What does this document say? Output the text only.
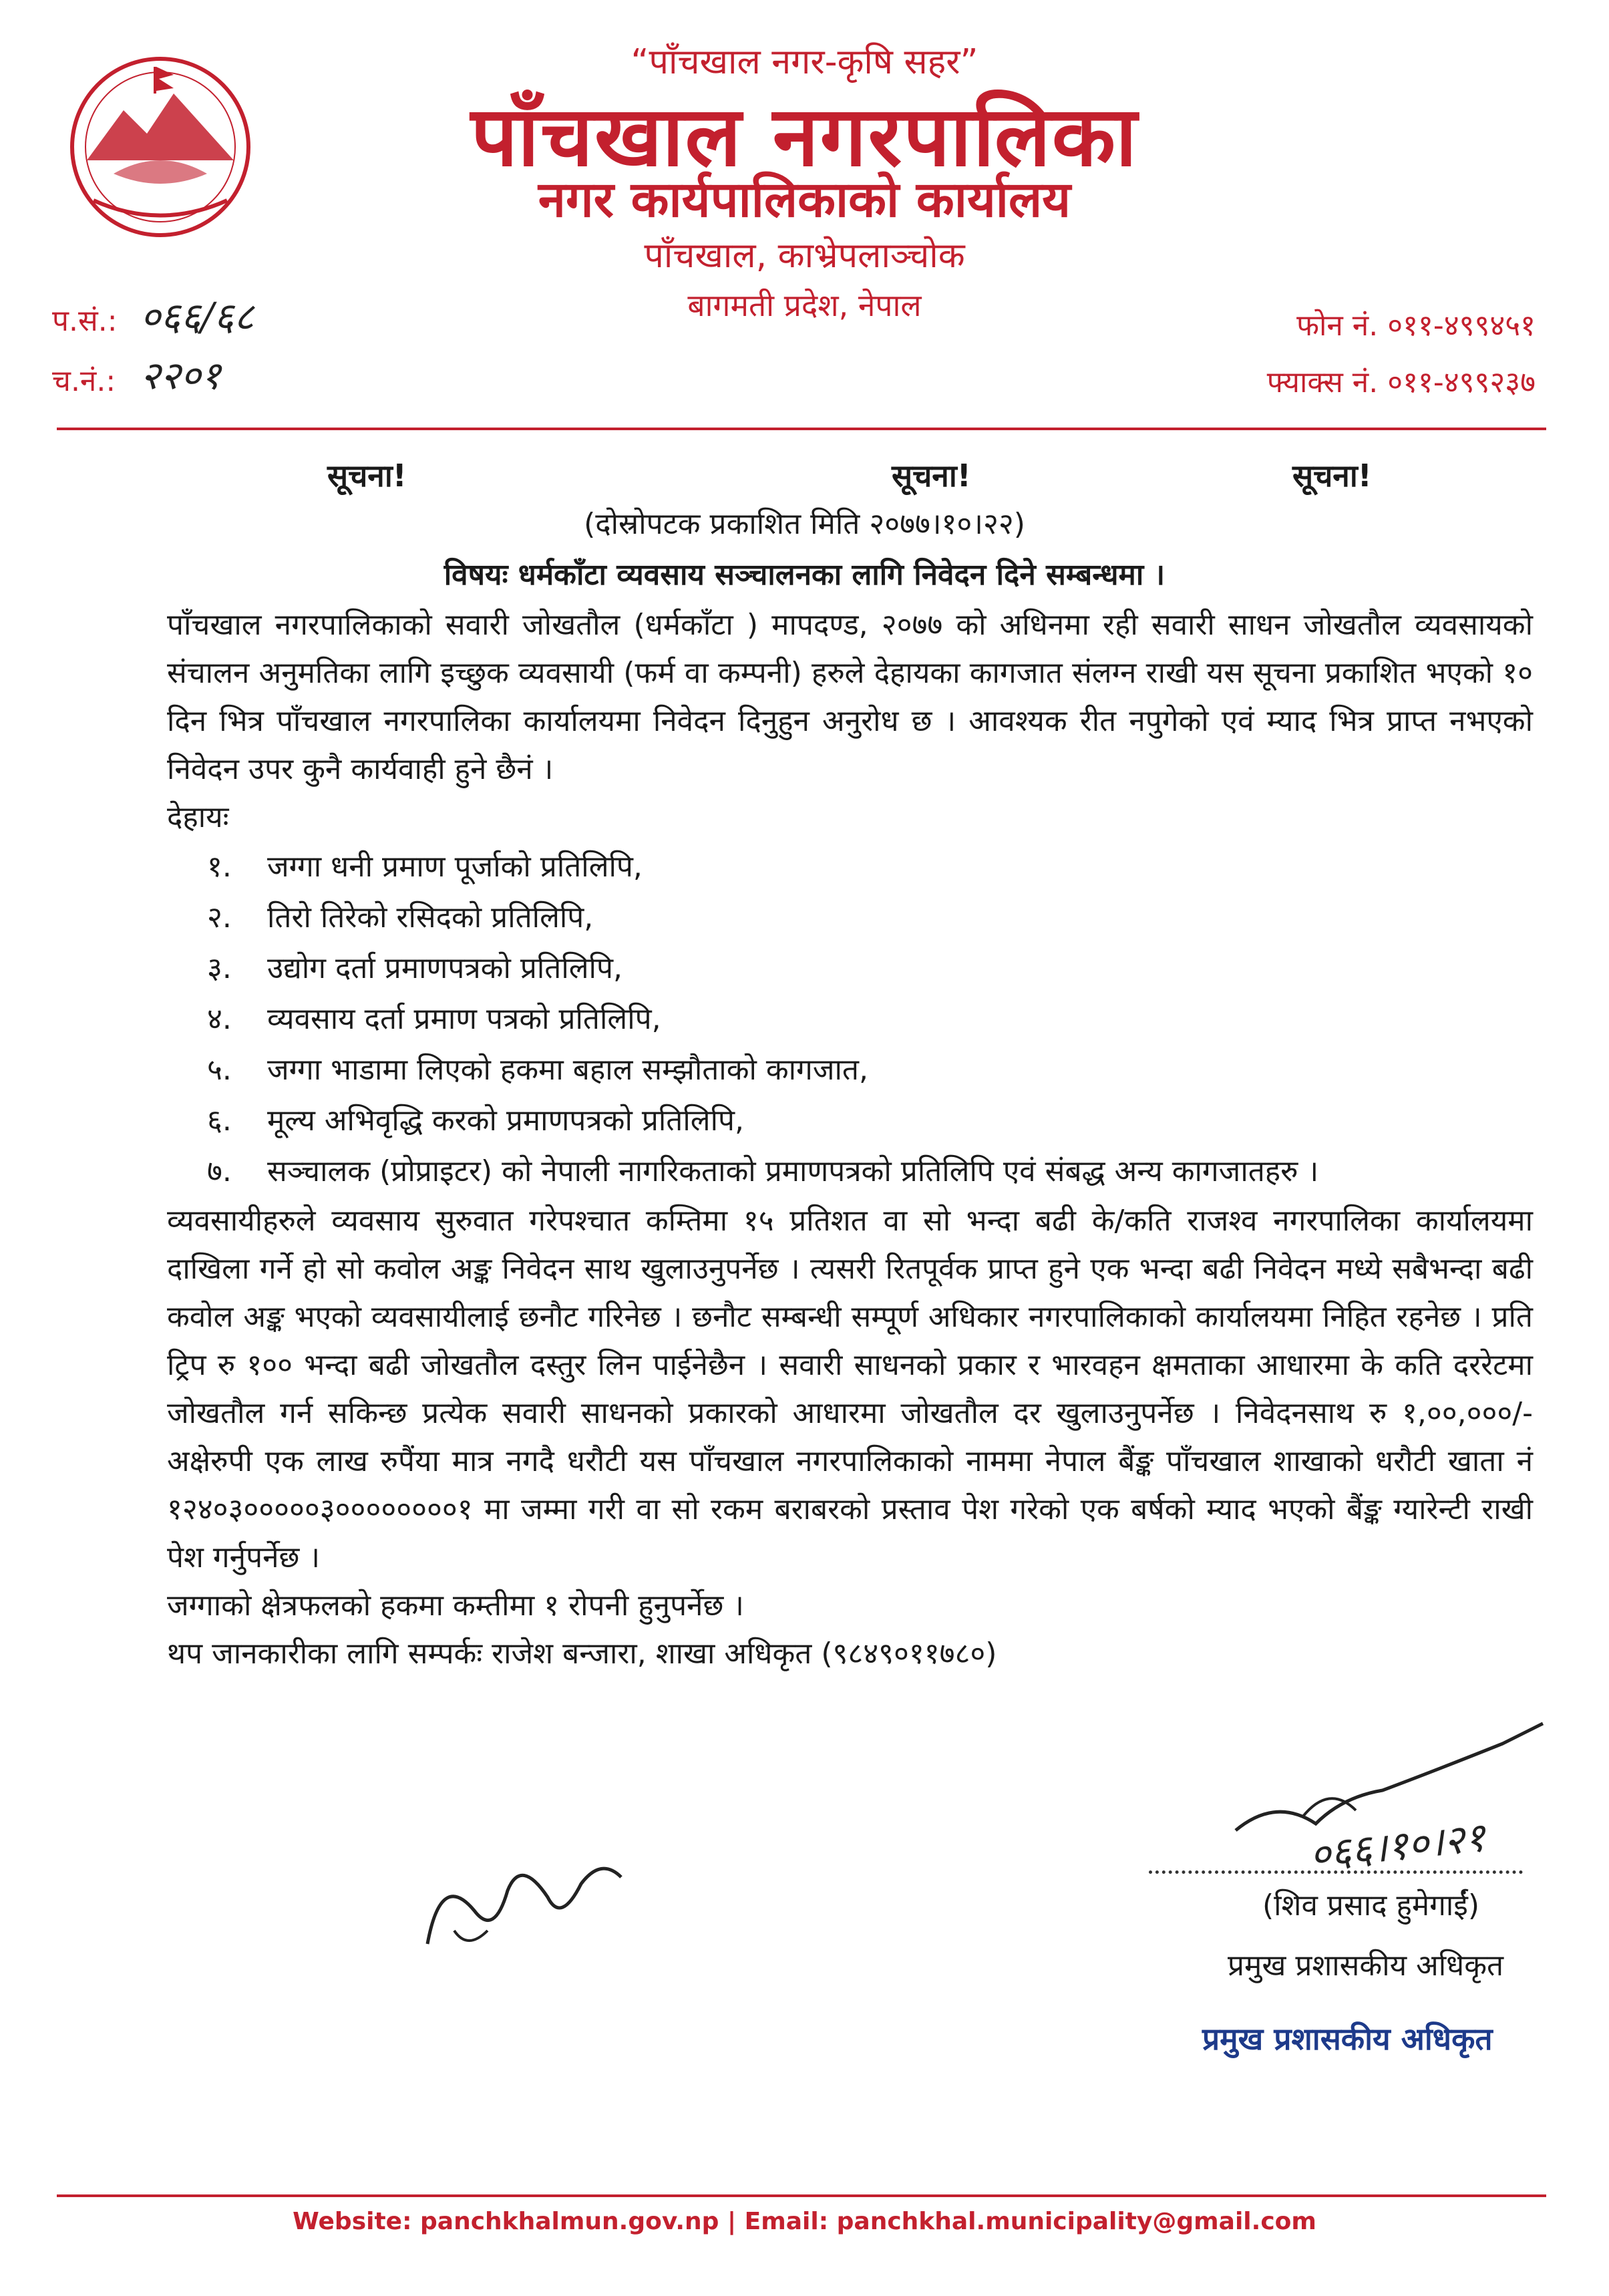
“पाँचखाल नगर-कृषि सहर”
पाँचखाल नगरपालिका
नगर कार्यपालिकाको कार्यालय
पाँचखाल, काभ्रेपलाञ्चोक
बागमती प्रदेश, नेपाल
प.सं.: ०६६/६८
च.नं.: २२०१
फोन नं. ०११-४९९४५१
फ्याक्स नं. ०११-४९९२३७
सूचना!	सूचना!	सूचना!
(दोस्रोपटक प्रकाशित मिति २०७७।१०।२२)
विषयः धर्मकाँटा व्यवसाय सञ्चालनका लागि निवेदन दिने सम्बन्धमा ।

पाँचखाल नगरपालिकाको सवारी जोखतौल (धर्मकाँटा ) मापदण्ड, २०७७ को अधिनमा रही सवारी साधन जोखतौल व्यवसायको संचालन अनुमतिका लागि इच्छुक व्यवसायी (फर्म वा कम्पनी) हरुले देहायका कागजात संलग्न राखी यस सूचना प्रकाशित भएको १० दिन भित्र पाँचखाल नगरपालिका कार्यालयमा निवेदन दिनुहुन अनुरोध छ । आवश्यक रीत नपुगेको एवं म्याद भित्र प्राप्त नभएको निवेदन उपर कुनै कार्यवाही हुने छैनं ।

देहायः

१. जग्गा धनी प्रमाण पूर्जाको प्रतिलिपि,
२. तिरो तिरेको रसिदको प्रतिलिपि,
३. उद्योग दर्ता प्रमाणपत्रको प्रतिलिपि,
४. व्यवसाय दर्ता प्रमाण पत्रको प्रतिलिपि,
५. जग्गा भाडामा लिएको हकमा बहाल सम्झौताको कागजात,
६. मूल्य अभिवृद्धि करको प्रमाणपत्रको प्रतिलिपि,
७. सञ्चालक (प्रोप्राइटर) को नेपाली नागरिकताको प्रमाणपत्रको प्रतिलिपि एवं संबद्ध अन्य कागजातहरु ।

व्यवसायीहरुले व्यवसाय सुरुवात गरेपश्चात कम्तिमा १५ प्रतिशत वा सो भन्दा बढी के/कति राजश्व नगरपालिका कार्यालयमा दाखिला गर्ने हो सो कवोल अङ्क निवेदन साथ खुलाउनुपर्नेछ । त्यसरी रितपूर्वक प्राप्त हुने एक भन्दा बढी निवेदन मध्ये सबैभन्दा बढी कवोल अङ्क भएको व्यवसायीलाई छनौट गरिनेछ । छनौट सम्बन्धी सम्पूर्ण अधिकार नगरपालिकाको कार्यालयमा निहित रहनेछ । प्रति ट्रिप रु १०० भन्दा बढी जोखतौल दस्तुर लिन पाईनेछैन । सवारी साधनको प्रकार र भारवहन क्षमताका आधारमा के कति दररेटमा जोखतौल गर्न सकिन्छ प्रत्येक सवारी साधनको प्रकारको आधारमा जोखतौल दर खुलाउनुपर्नेछ । निवेदनसाथ रु १,००,०००/- अक्षेरुपी एक लाख रुपैंया मात्र नगदै धरौटी यस पाँचखाल नगरपालिकाको नाममा नेपाल बैंङ्क पाँचखाल शाखाको धरौटी खाता नं १२४०३०००००३००००००००१ मा जम्मा गरी वा सो रकम बराबरको प्रस्ताव पेश गरेको एक बर्षको म्याद भएको बैंङ्क ग्यारेन्टी राखी पेश गर्नुपर्नेछ ।

जग्गाको क्षेत्रफलको हकमा कम्तीमा १ रोपनी हुनुपर्नेछ ।

थप जानकारीका लागि सम्पर्कः राजेश बन्जारा, शाखा अधिकृत (९८४९०११७८०)

०६६।१०।२१
(शिव प्रसाद हुमेगाईं)
प्रमुख प्रशासकीय अधिकृत
प्रमुख प्रशासकीय अधिकृत
Website: panchkhalmun.gov.np | Email: panchkhal.municipality@gmail.com
